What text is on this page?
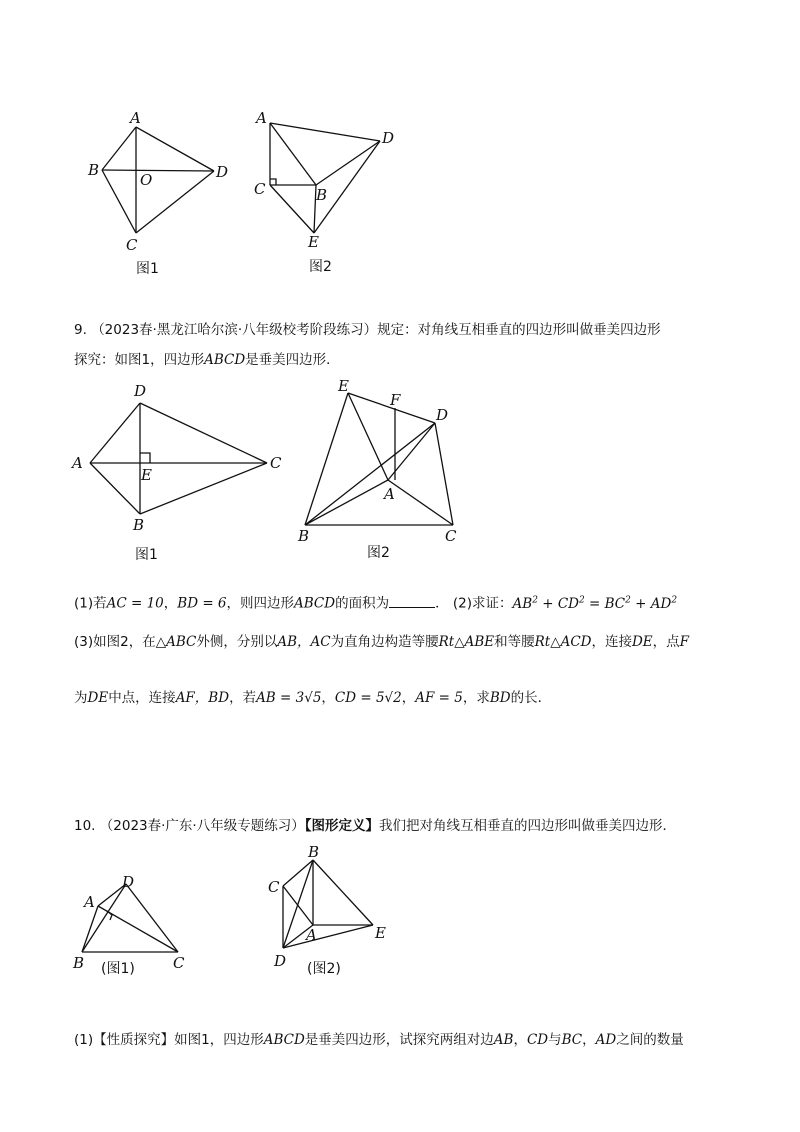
A
B
O	D
C
图1
A
D
C	B
E
图2
9. （2023春·黑龙江哈尔滨·八年级校考阶段练习）规定：对角线互相垂直的四边形叫做垂美四边形
探究：如图1，四边形ABCD是垂美四边形．
D
A
E
C
B
图1
E
F
D
A
B	C
图2
(1)若AC = 10，BD = 6，则四边形ABCD的面积为	． (2)求证：$AB^2 + CD^2 = BC^2 + AD^2$
(3)如图2，在△ABC外侧，分别以AB，AC为直角边构造等腰Rt△ABE和等腰Rt△ACD，连接DE，点F
为DE中点，连接AF，BD，若AB = 3√5，CD = 5√2，AF = 5，求BD的长．
10. （2023春·广东·八年级专题练习）【图形定义】我们把对角线互相垂直的四边形叫做垂美四边形．
D
A
B	C
(图1)
B
C
A	E
D (图2)
(1)【性质探究】如图1，四边形ABCD是垂美四边形，试探究两组对边AB，CD与BC，AD之间的数量
